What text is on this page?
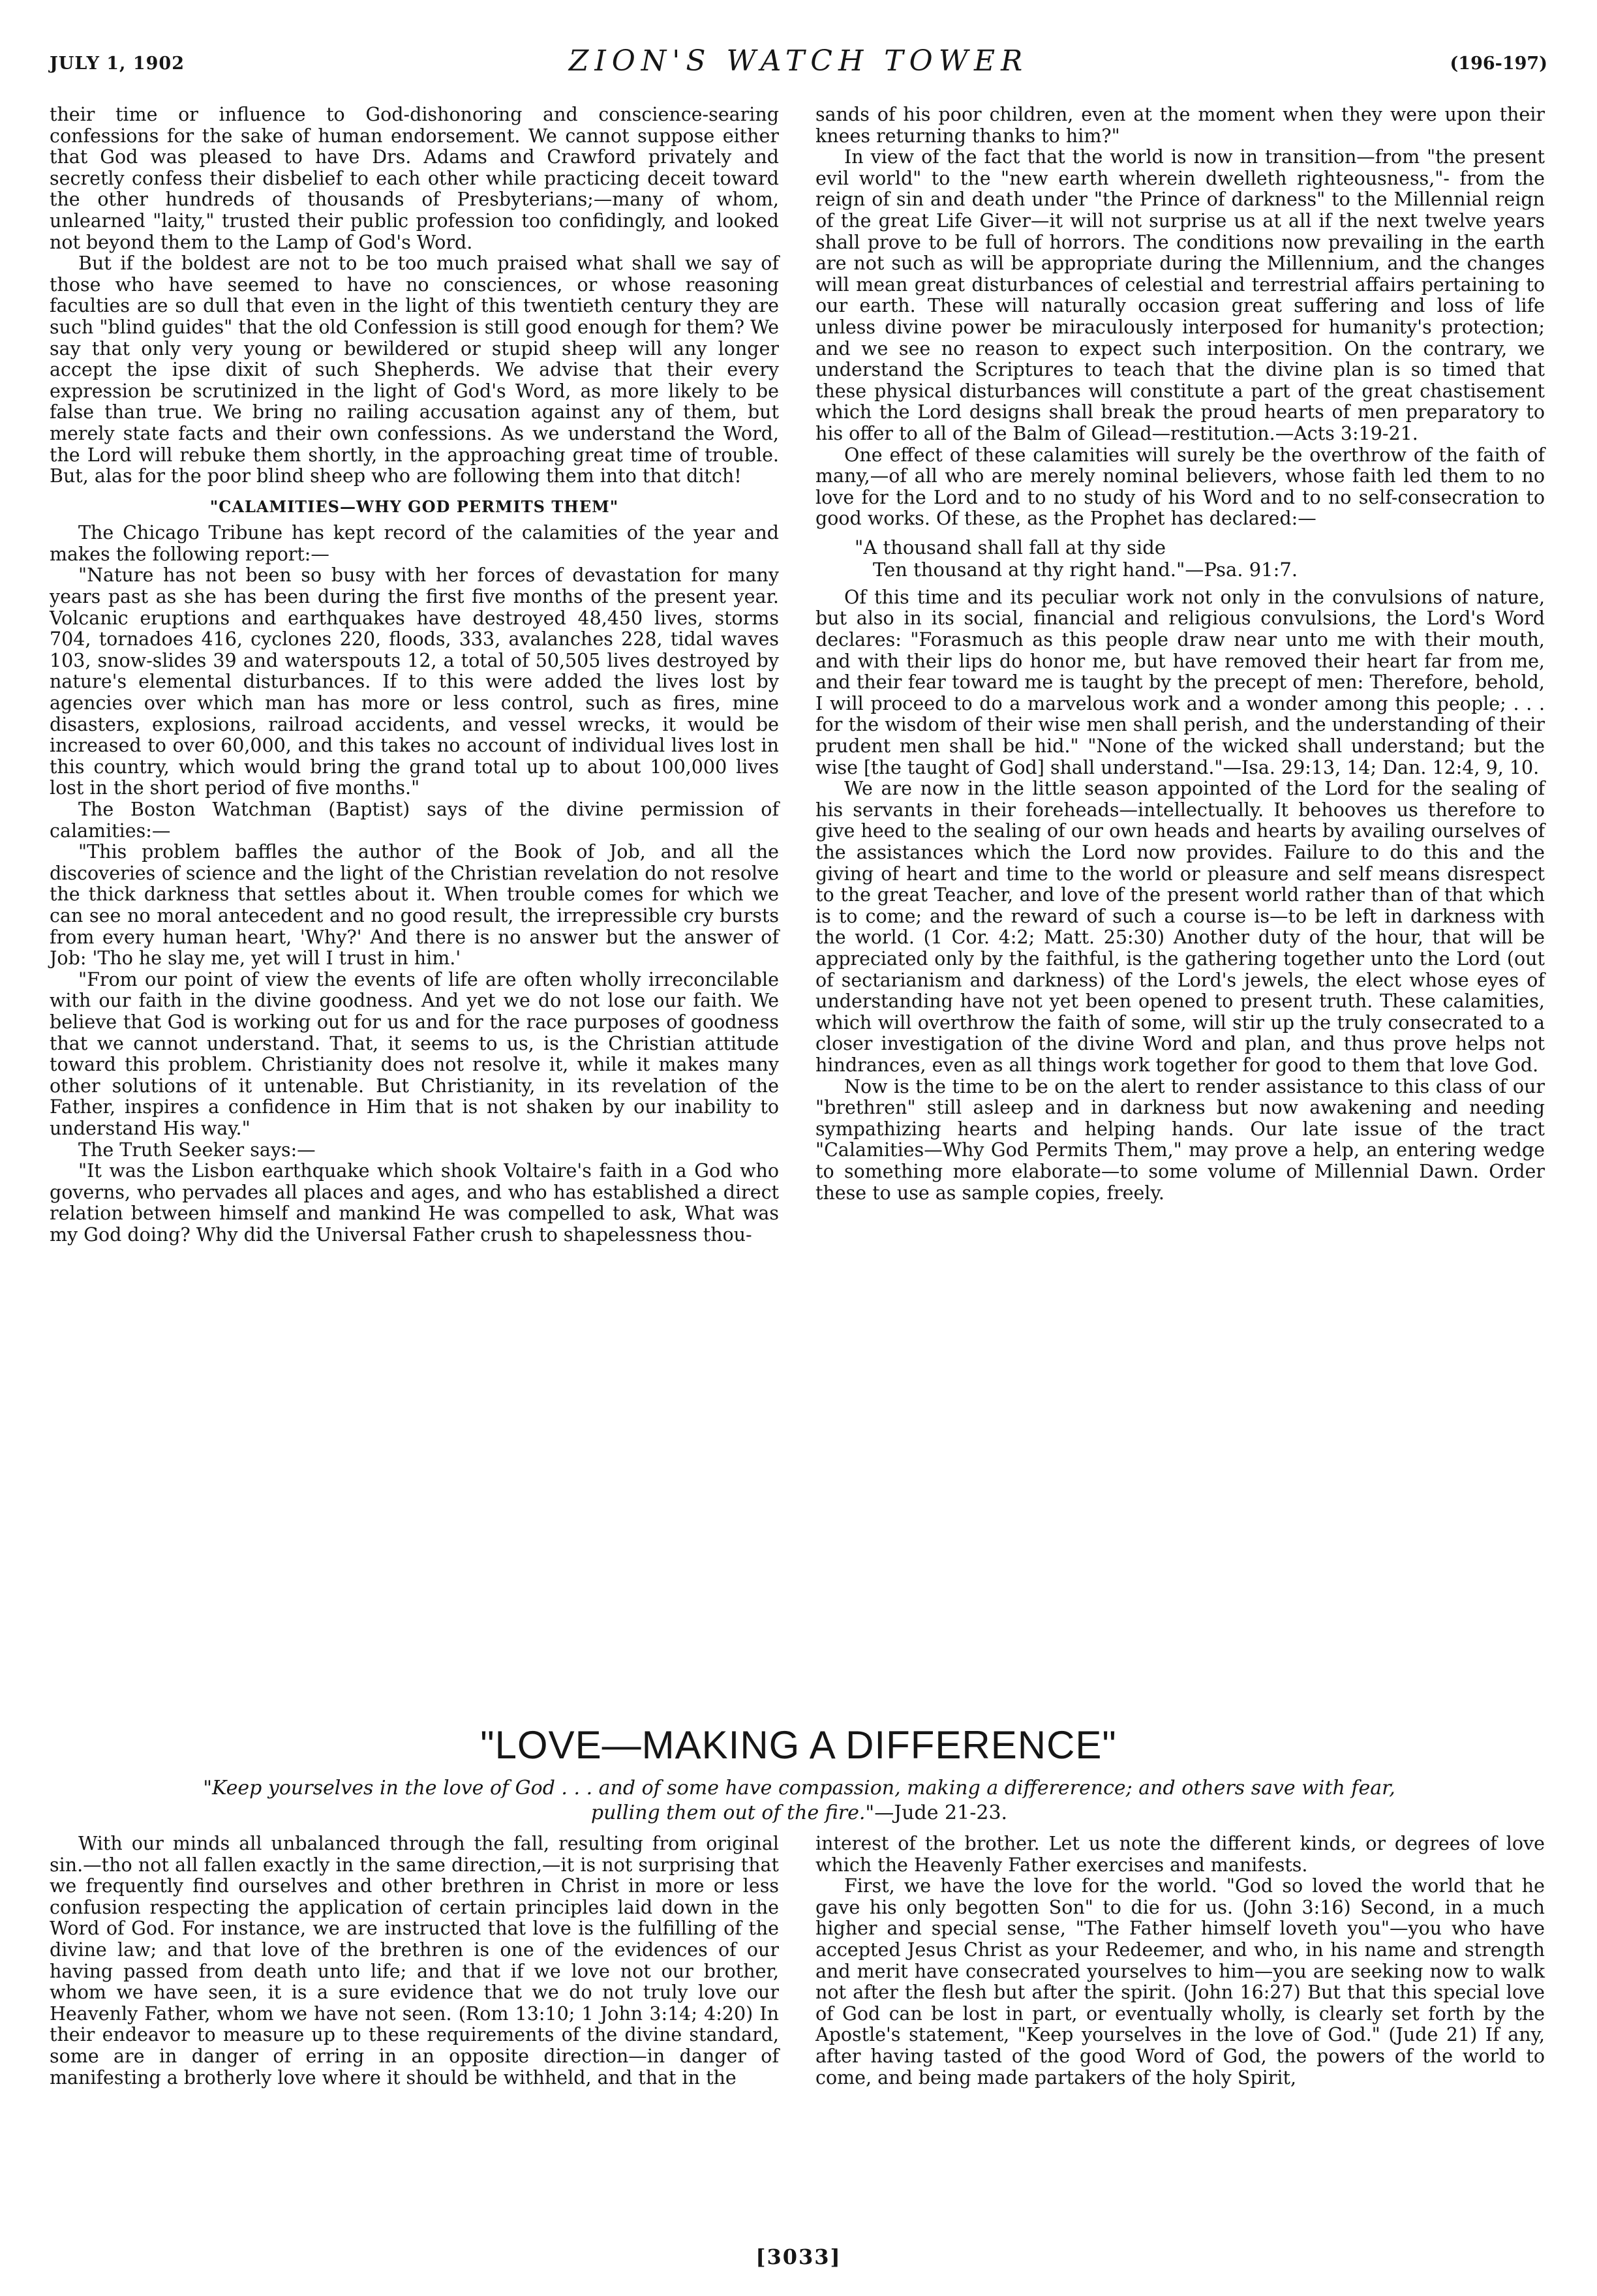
JULY 1, 1902	ZION'S WATCH TOWER	(196-197)

their time or influence to God-dishonoring and conscience-searing confessions for the sake of human endorsement. We cannot suppose either that God was pleased to have Drs. Adams and Crawford privately and secretly confess their disbelief to each other while practicing deceit toward the other hundreds of thousands of Presbyterians;—many of whom, unlearned "laity," trusted their public profession too confidingly, and looked not beyond them to the Lamp of God's Word.

But if the boldest are not to be too much praised what shall we say of those who have seemed to have no consciences, or whose reasoning faculties are so dull that even in the light of this twentieth century they are such "blind guides" that the old Confession is still good enough for them? We say that only very young or bewildered or stupid sheep will any longer accept the ipse dixit of such Shepherds. We advise that their every expression be scrutinized in the light of God's Word, as more likely to be false than true. We bring no railing accusation against any of them, but merely state facts and their own confessions. As we understand the Word, the Lord will rebuke them shortly, in the approaching great time of trouble. But, alas for the poor blind sheep who are following them into that ditch!

"CALAMITIES—WHY GOD PERMITS THEM"

The Chicago Tribune has kept record of the calamities of the year and makes the following report:—

"Nature has not been so busy with her forces of devastation for many years past as she has been during the first five months of the present year. Volcanic eruptions and earthquakes have destroyed 48,450 lives, storms 704, tornadoes 416, cyclones 220, floods, 333, avalanches 228, tidal waves 103, snow-slides 39 and waterspouts 12, a total of 50,505 lives destroyed by nature's elemental disturbances. If to this were added the lives lost by agencies over which man has more or less control, such as fires, mine disasters, explosions, railroad accidents, and vessel wrecks, it would be increased to over 60,000, and this takes no account of individual lives lost in this country, which would bring the grand total up to about 100,000 lives lost in the short period of five months."

The Boston Watchman (Baptist) says of the divine permission of calamities:—

"This problem baffles the author of the Book of Job, and all the discoveries of science and the light of the Christian revelation do not resolve the thick darkness that settles about it. When trouble comes for which we can see no moral antecedent and no good result, the irrepressible cry bursts from every human heart, 'Why?' And there is no answer but the answer of Job: 'Tho he slay me, yet will I trust in him.'

"From our point of view the events of life are often wholly irreconcilable with our faith in the divine goodness. And yet we do not lose our faith. We believe that God is working out for us and for the race purposes of goodness that we cannot understand. That, it seems to us, is the Christian attitude toward this problem. Christianity does not resolve it, while it makes many other solutions of it untenable. But Christianity, in its revelation of the Father, inspires a confidence in Him that is not shaken by our inability to understand His way."

The Truth Seeker says:—

"It was the Lisbon earthquake which shook Voltaire's faith in a God who governs, who pervades all places and ages, and who has established a direct relation between himself and mankind He was compelled to ask, What was my God doing? Why did the Universal Father crush to shapelessness thou-

sands of his poor children, even at the moment when they were upon their knees returning thanks to him?"

In view of the fact that the world is now in transition—from "the present evil world" to the "new earth wherein dwelleth righteousness,"- from the reign of sin and death under "the Prince of darkness" to the Millennial reign of the great Life Giver—it will not surprise us at all if the next twelve years shall prove to be full of horrors. The conditions now prevailing in the earth are not such as will be appropriate during the Millennium, and the changes will mean great disturbances of celestial and terrestrial affairs pertaining to our earth. These will naturally occasion great suffering and loss of life unless divine power be miraculously interposed for humanity's protection; and we see no reason to expect such interposition. On the contrary, we understand the Scriptures to teach that the divine plan is so timed that these physical disturbances will constitute a part of the great chastisement which the Lord designs shall break the proud hearts of men preparatory to his offer to all of the Balm of Gilead—restitution.—Acts 3:19-21.

One effect of these calamities will surely be the overthrow of the faith of many,—of all who are merely nominal believers, whose faith led them to no love for the Lord and to no study of his Word and to no self-consecration to good works. Of these, as the Prophet has declared:—

"A thousand shall fall at thy side
Ten thousand at thy right hand."—Psa. 91:7.

Of this time and its peculiar work not only in the convulsions of nature, but also in its social, financial and religious convulsions, the Lord's Word declares: "Forasmuch as this people draw near unto me with their mouth, and with their lips do honor me, but have removed their heart far from me, and their fear toward me is taught by the precept of men: Therefore, behold, I will proceed to do a marvelous work and a wonder among this people; . . . for the wisdom of their wise men shall perish, and the understanding of their prudent men shall be hid." "None of the wicked shall understand; but the wise [the taught of God] shall understand."—Isa. 29:13, 14; Dan. 12:4, 9, 10.

We are now in the little season appointed of the Lord for the sealing of his servants in their foreheads—intellectually. It behooves us therefore to give heed to the sealing of our own heads and hearts by availing ourselves of the assistances which the Lord now provides. Failure to do this and the giving of heart and time to the world or pleasure and self means disrespect to the great Teacher, and love of the present world rather than of that which is to come; and the reward of such a course is—to be left in darkness with the world. (1 Cor. 4:2; Matt. 25:30) Another duty of the hour, that will be appreciated only by the faithful, is the gathering together unto the Lord (out of sectarianism and darkness) of the Lord's jewels, the elect whose eyes of understanding have not yet been opened to present truth. These calamities, which will overthrow the faith of some, will stir up the truly consecrated to a closer investigation of the divine Word and plan, and thus prove helps not hindrances, even as all things work together for good to them that love God.

Now is the time to be on the alert to render assistance to this class of our "brethren" still asleep and in darkness but now awakening and needing sympathizing hearts and helping hands. Our late issue of the tract "Calamities—Why God Permits Them," may prove a help, an entering wedge to something more elaborate—to some volume of Millennial Dawn. Order these to use as sample copies, freely.

"LOVE—MAKING A DIFFERENCE"
"Keep yourselves in the love of God . . . and of some have compassion, making a differerence; and others save with fear,
pulling them out of the fire."—Jude 21-23.

With our minds all unbalanced through the fall, resulting from original sin.—tho not all fallen exactly in the same direction,—it is not surprising that we frequently find ourselves and other brethren in Christ in more or less confusion respecting the application of certain principles laid down in the Word of God. For instance, we are instructed that love is the fulfilling of the divine law; and that love of the brethren is one of the evidences of our having passed from death unto life; and that if we love not our brother, whom we have seen, it is a sure evidence that we do not truly love our Heavenly Father, whom we have not seen. (Rom 13:10; 1 John 3:14; 4:20) In their endeavor to measure up to these requirements of the divine standard, some are in danger of erring in an opposite direction—in danger of manifesting a brotherly love where it should be withheld, and that in the

interest of the brother. Let us note the different kinds, or degrees of love which the Heavenly Father exercises and manifests.

First, we have the love for the world. "God so loved the world that he gave his only begotten Son" to die for us. (John 3:16) Second, in a much higher and special sense, "The Father himself loveth you"—you who have accepted Jesus Christ as your Redeemer, and who, in his name and strength and merit have consecrated yourselves to him—you are seeking now to walk not after the flesh but after the spirit. (John 16:27) But that this special love of God can be lost in part, or eventually wholly, is clearly set forth by the Apostle's statement, "Keep yourselves in the love of God." (Jude 21) If any, after having tasted of the good Word of God, the powers of the world to come, and being made partakers of the holy Spirit,

[3033]
